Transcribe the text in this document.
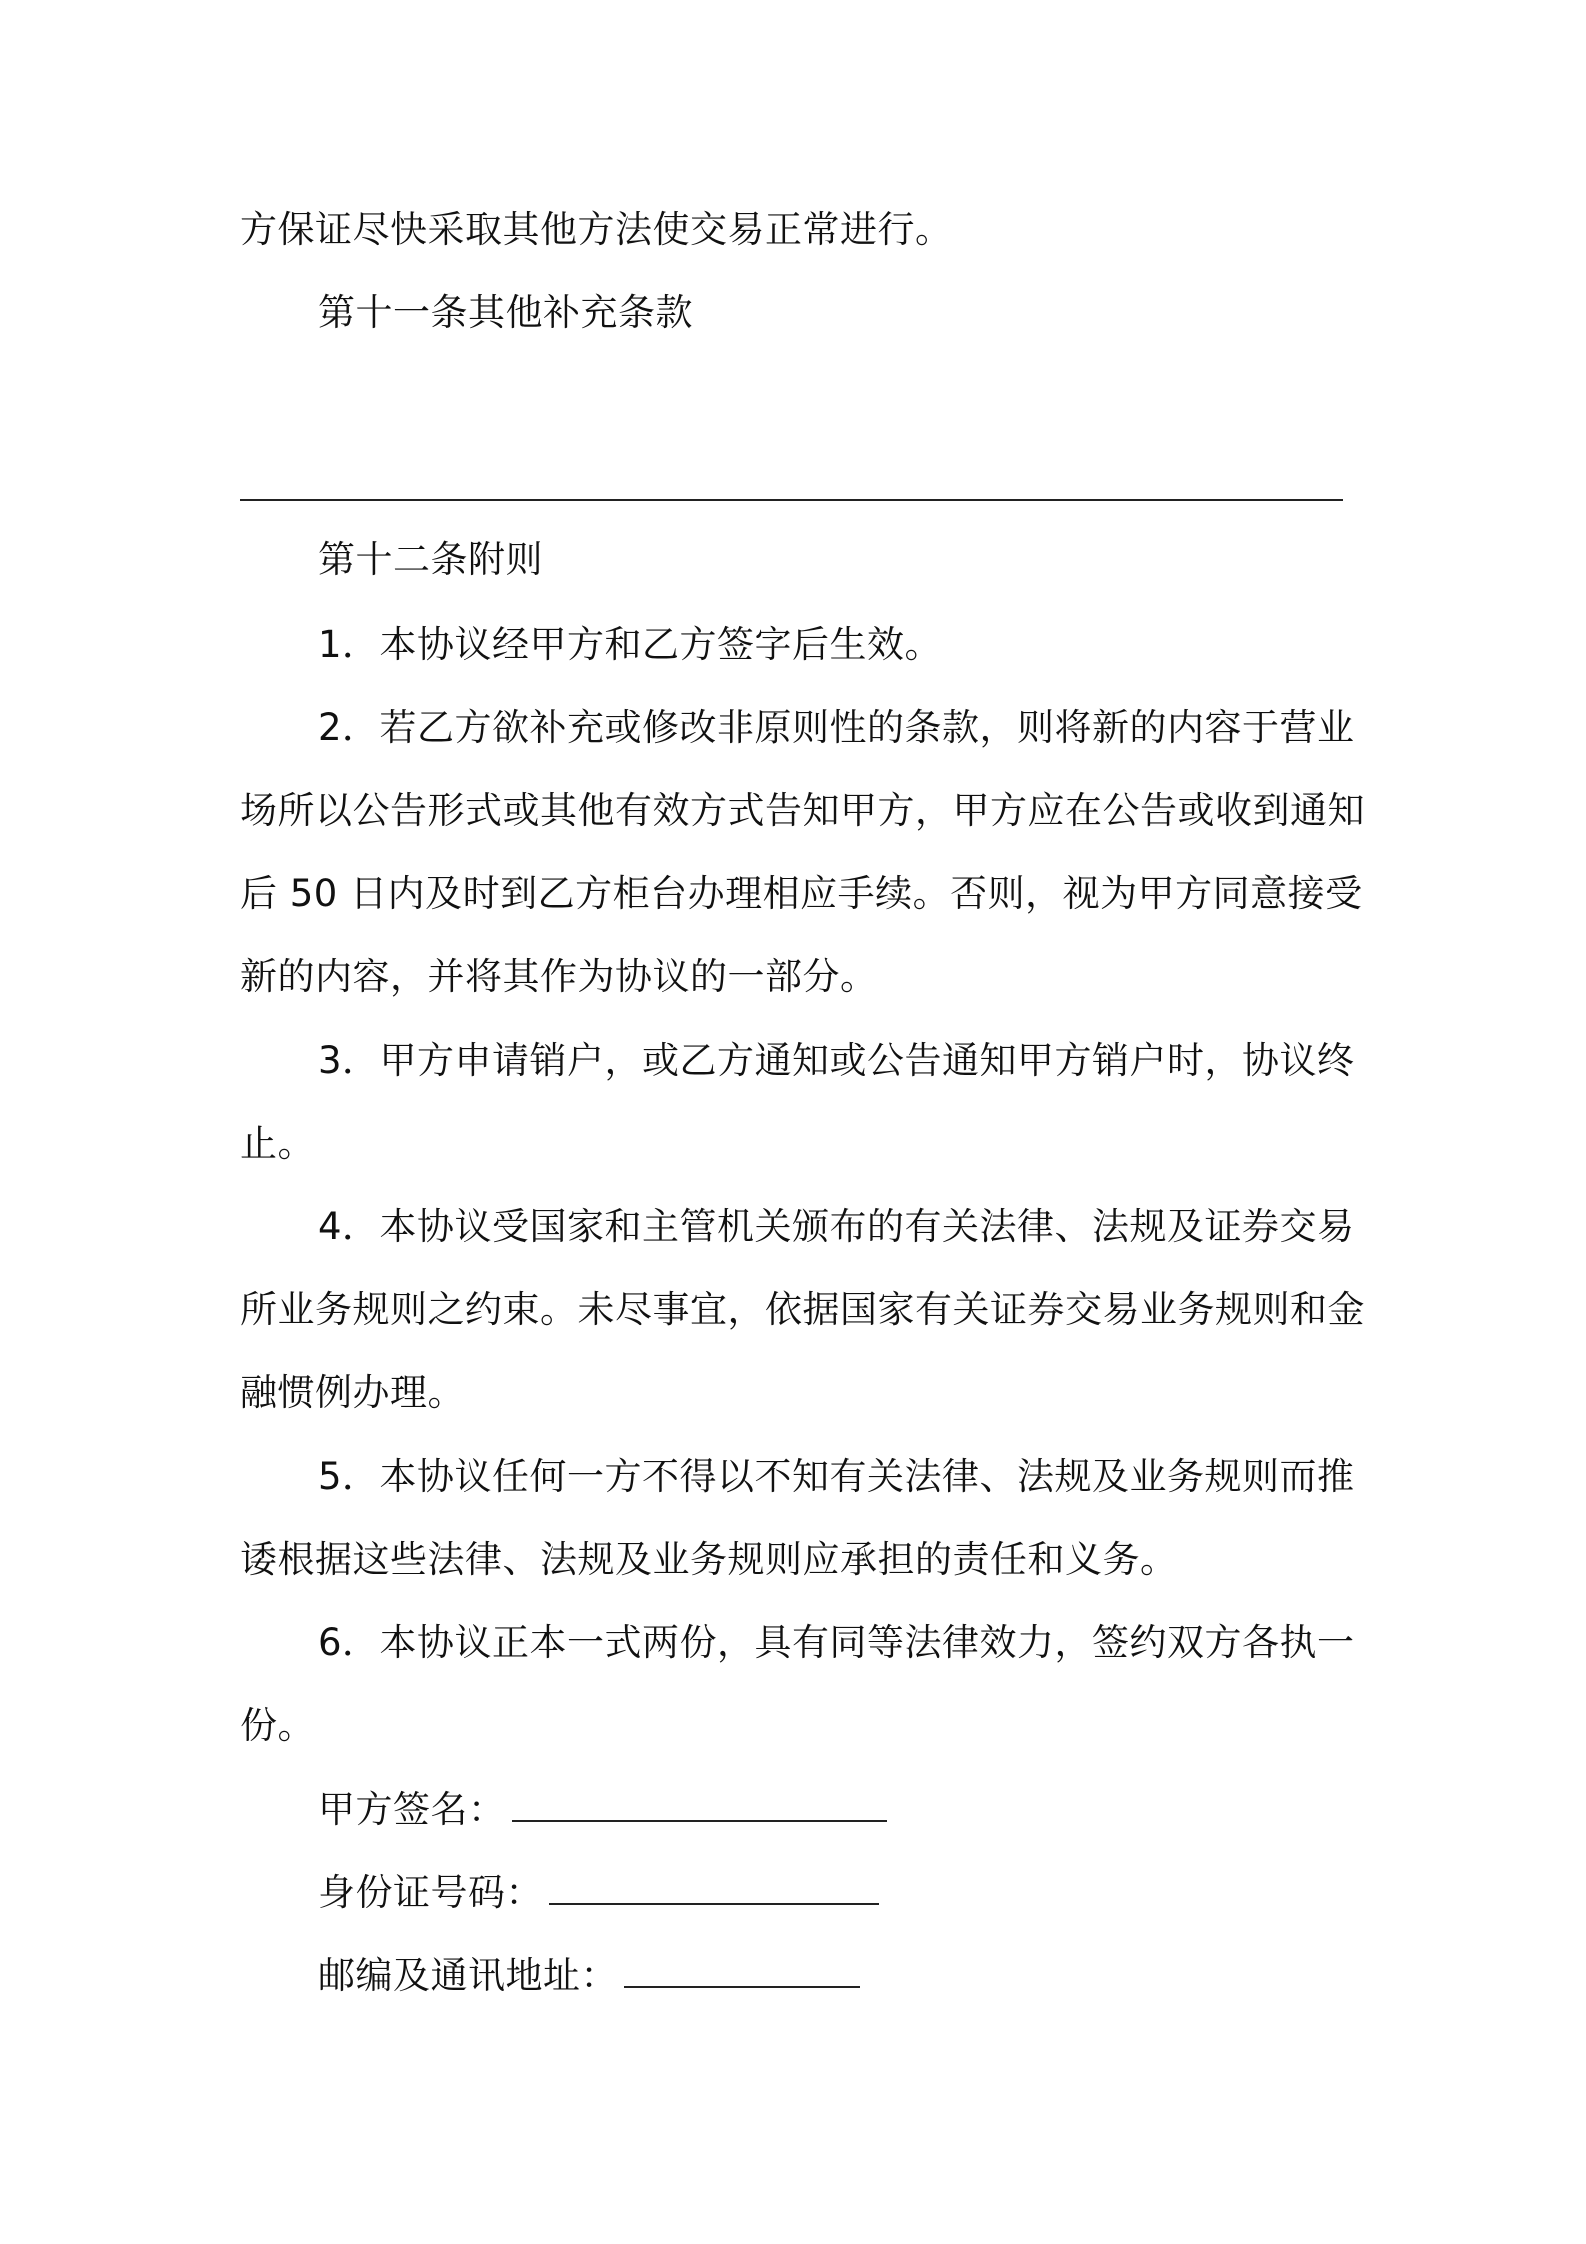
方保证尽快采取其他方法使交易正常进行。
第十一条其他补充条款
第十二条附则
1．本协议经甲方和乙方签字后生效。
2．若乙方欲补充或修改非原则性的条款，则将新的内容于营业
场所以公告形式或其他有效方式告知甲方，甲方应在公告或收到通知
后 50 日内及时到乙方柜台办理相应手续。否则，视为甲方同意接受
新的内容，并将其作为协议的一部分。
3．甲方申请销户，或乙方通知或公告通知甲方销户时，协议终
止。
4．本协议受国家和主管机关颁布的有关法律、法规及证券交易
所业务规则之约束。未尽事宜，依据国家有关证券交易业务规则和金
融惯例办理。
5．本协议任何一方不得以不知有关法律、法规及业务规则而推
诿根据这些法律、法规及业务规则应承担的责任和义务。
6．本协议正本一式两份，具有同等法律效力，签约双方各执一
份。
甲方签名：
身份证号码：
邮编及通讯地址：
